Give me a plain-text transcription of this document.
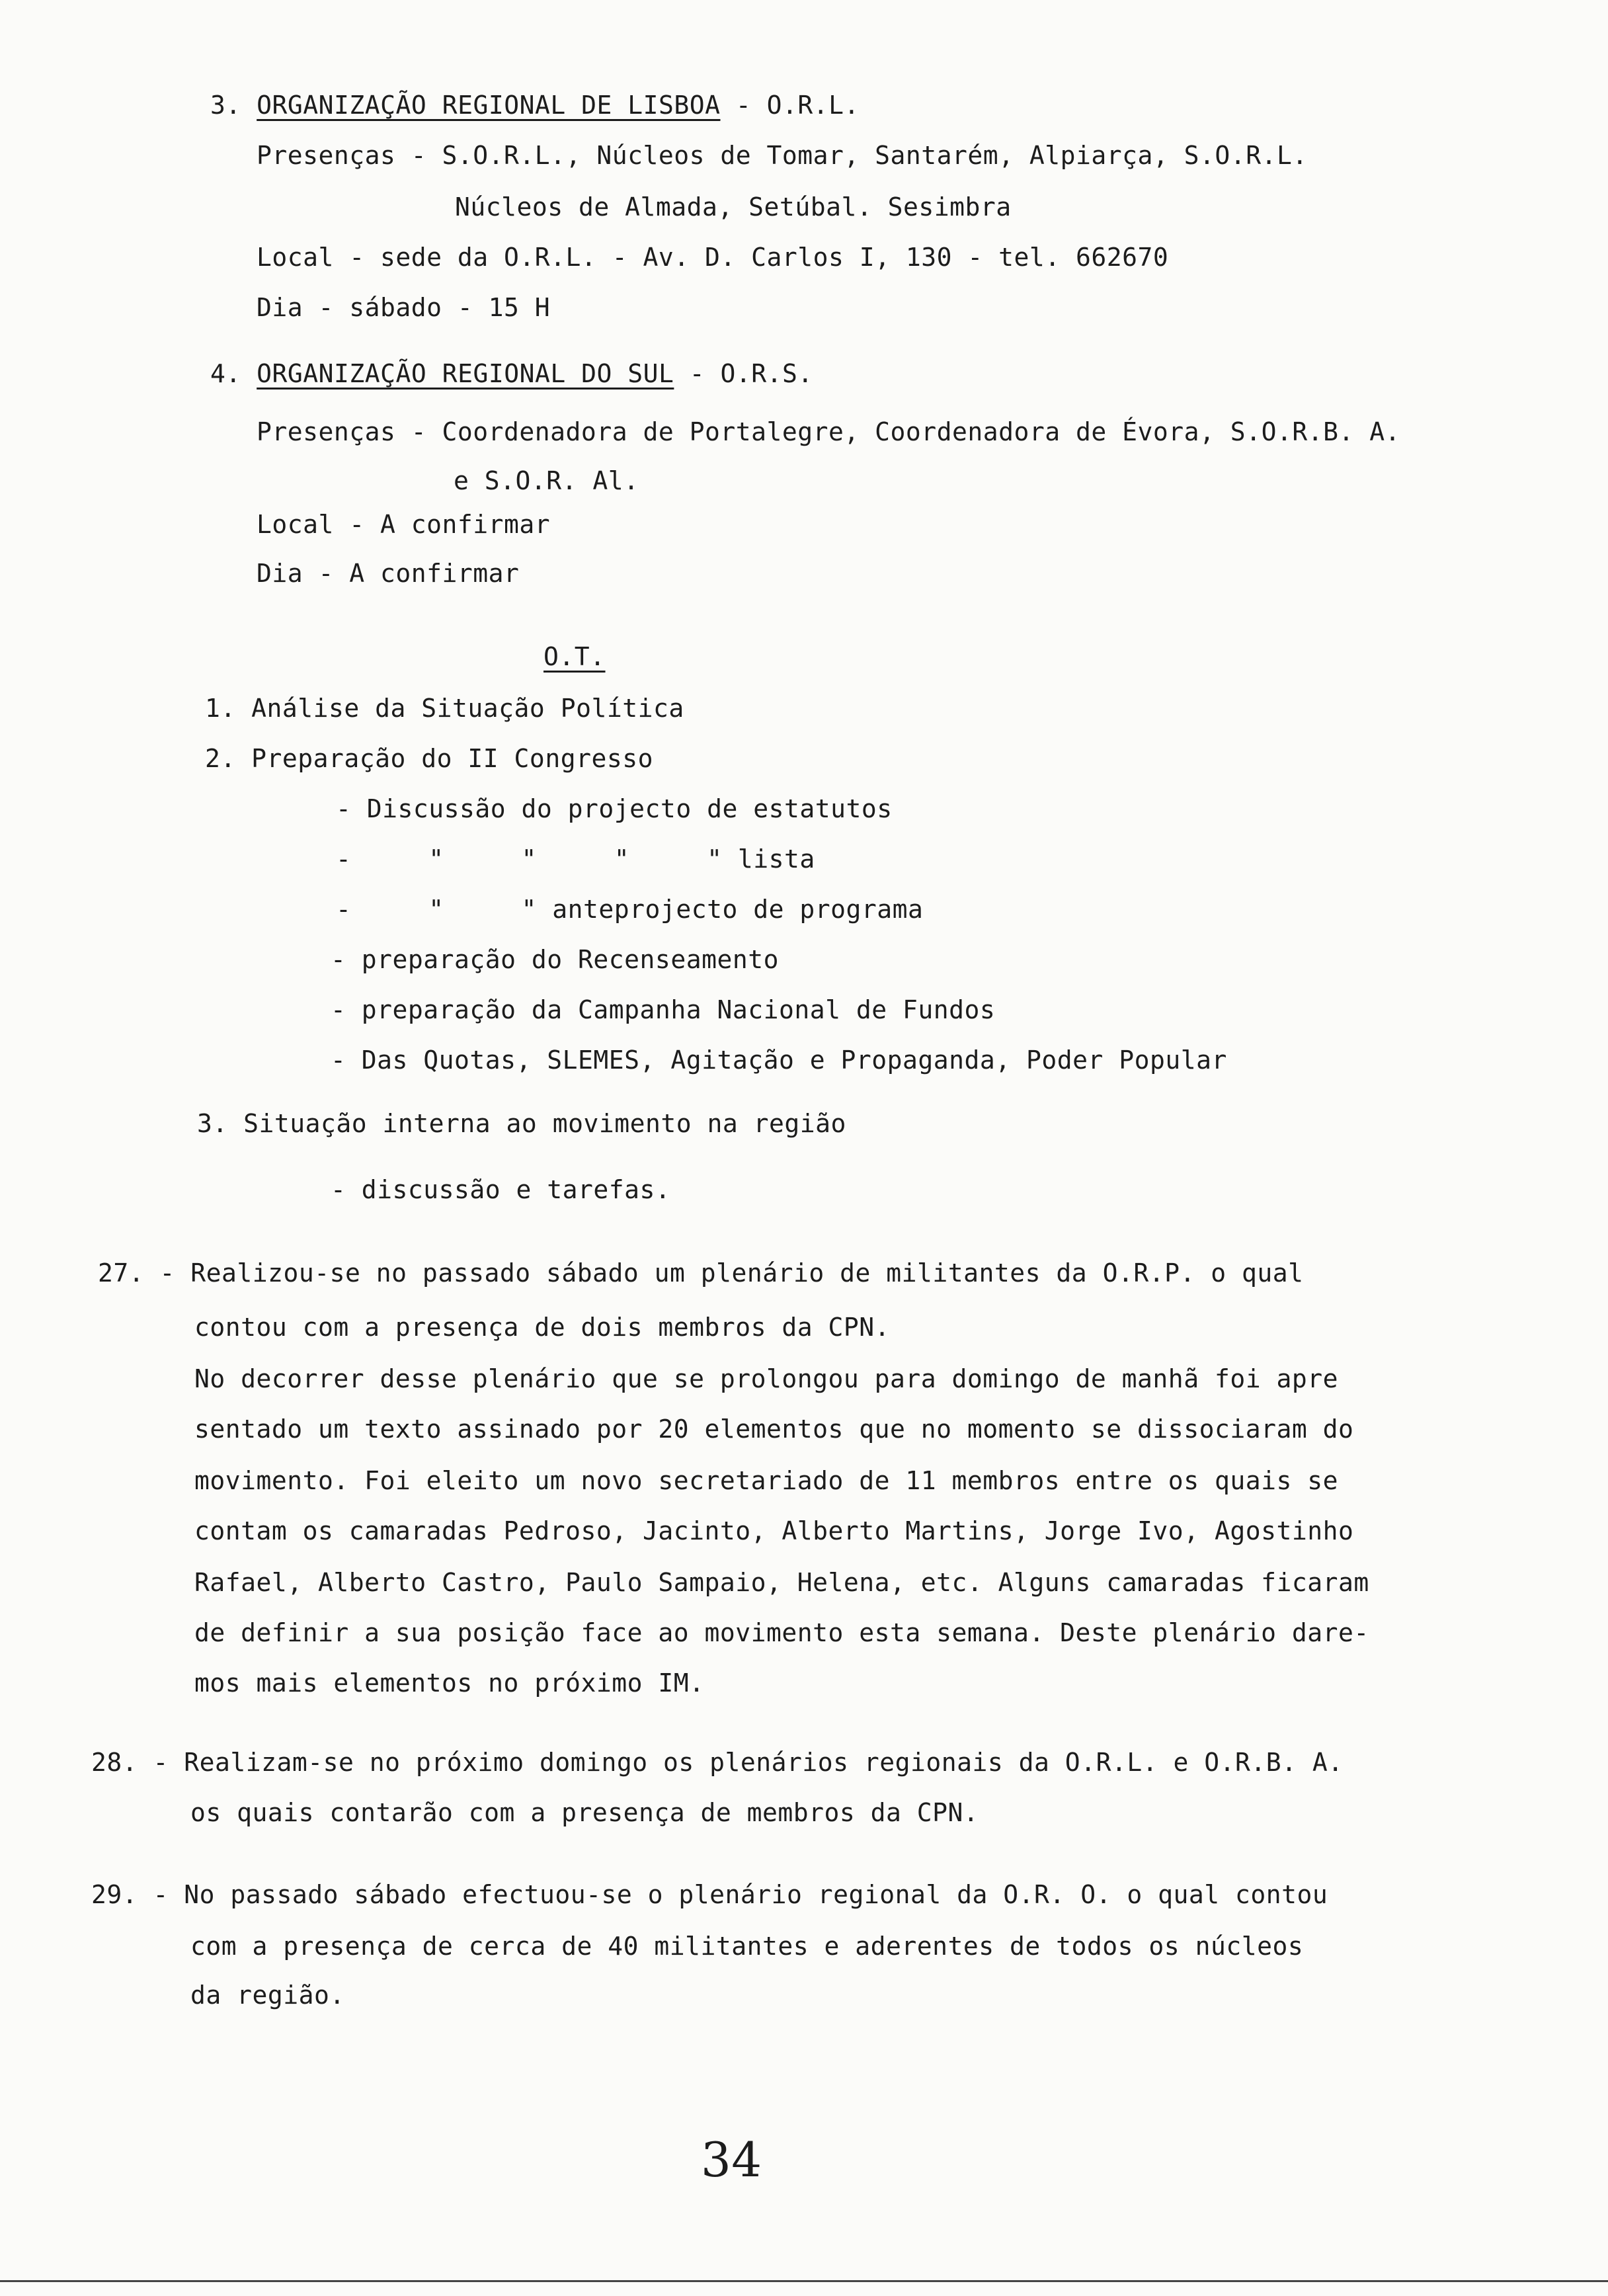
3. ORGANIZAÇÃO REGIONAL DE LISBOA - O.R.L.
Presenças - S.O.R.L., Núcleos de Tomar, Santarém, Alpiarça, S.O.R.L.
Núcleos de Almada, Setúbal. Sesimbra
Local - sede da O.R.L. - Av. D. Carlos I, 130 - tel. 662670
Dia - sábado - 15 H
4. ORGANIZAÇÃO REGIONAL DO SUL - O.R.S.
Presenças - Coordenadora de Portalegre, Coordenadora de Évora, S.O.R.B. A.
e S.O.R. Al.
Local - A confirmar
Dia - A confirmar
O.T.
1. Análise da Situação Política
2. Preparação do II Congresso
- Discussão do projecto de estatutos
-     "     "     "     " lista
-     "     " anteprojecto de programa
- preparação do Recenseamento
- preparação da Campanha Nacional de Fundos
- Das Quotas, SLEMES, Agitação e Propaganda, Poder Popular
3. Situação interna ao movimento na região
- discussão e tarefas.
27. - Realizou-se no passado sábado um plenário de militantes da O.R.P. o qual
contou com a presença de dois membros da CPN.
No decorrer desse plenário que se prolongou para domingo de manhã foi apre
sentado um texto assinado por 20 elementos que no momento se dissociaram do
movimento. Foi eleito um novo secretariado de 11 membros entre os quais se
contam os camaradas Pedroso, Jacinto, Alberto Martins, Jorge Ivo, Agostinho
Rafael, Alberto Castro, Paulo Sampaio, Helena, etc. Alguns camaradas ficaram
de definir a sua posição face ao movimento esta semana. Deste plenário dare-
mos mais elementos no próximo IM.
28. - Realizam-se no próximo domingo os plenários regionais da O.R.L. e O.R.B. A.
os quais contarão com a presença de membros da CPN.
29. - No passado sábado efectuou-se o plenário regional da O.R. O. o qual contou
com a presença de cerca de 40 militantes e aderentes de todos os núcleos
da região.
34
